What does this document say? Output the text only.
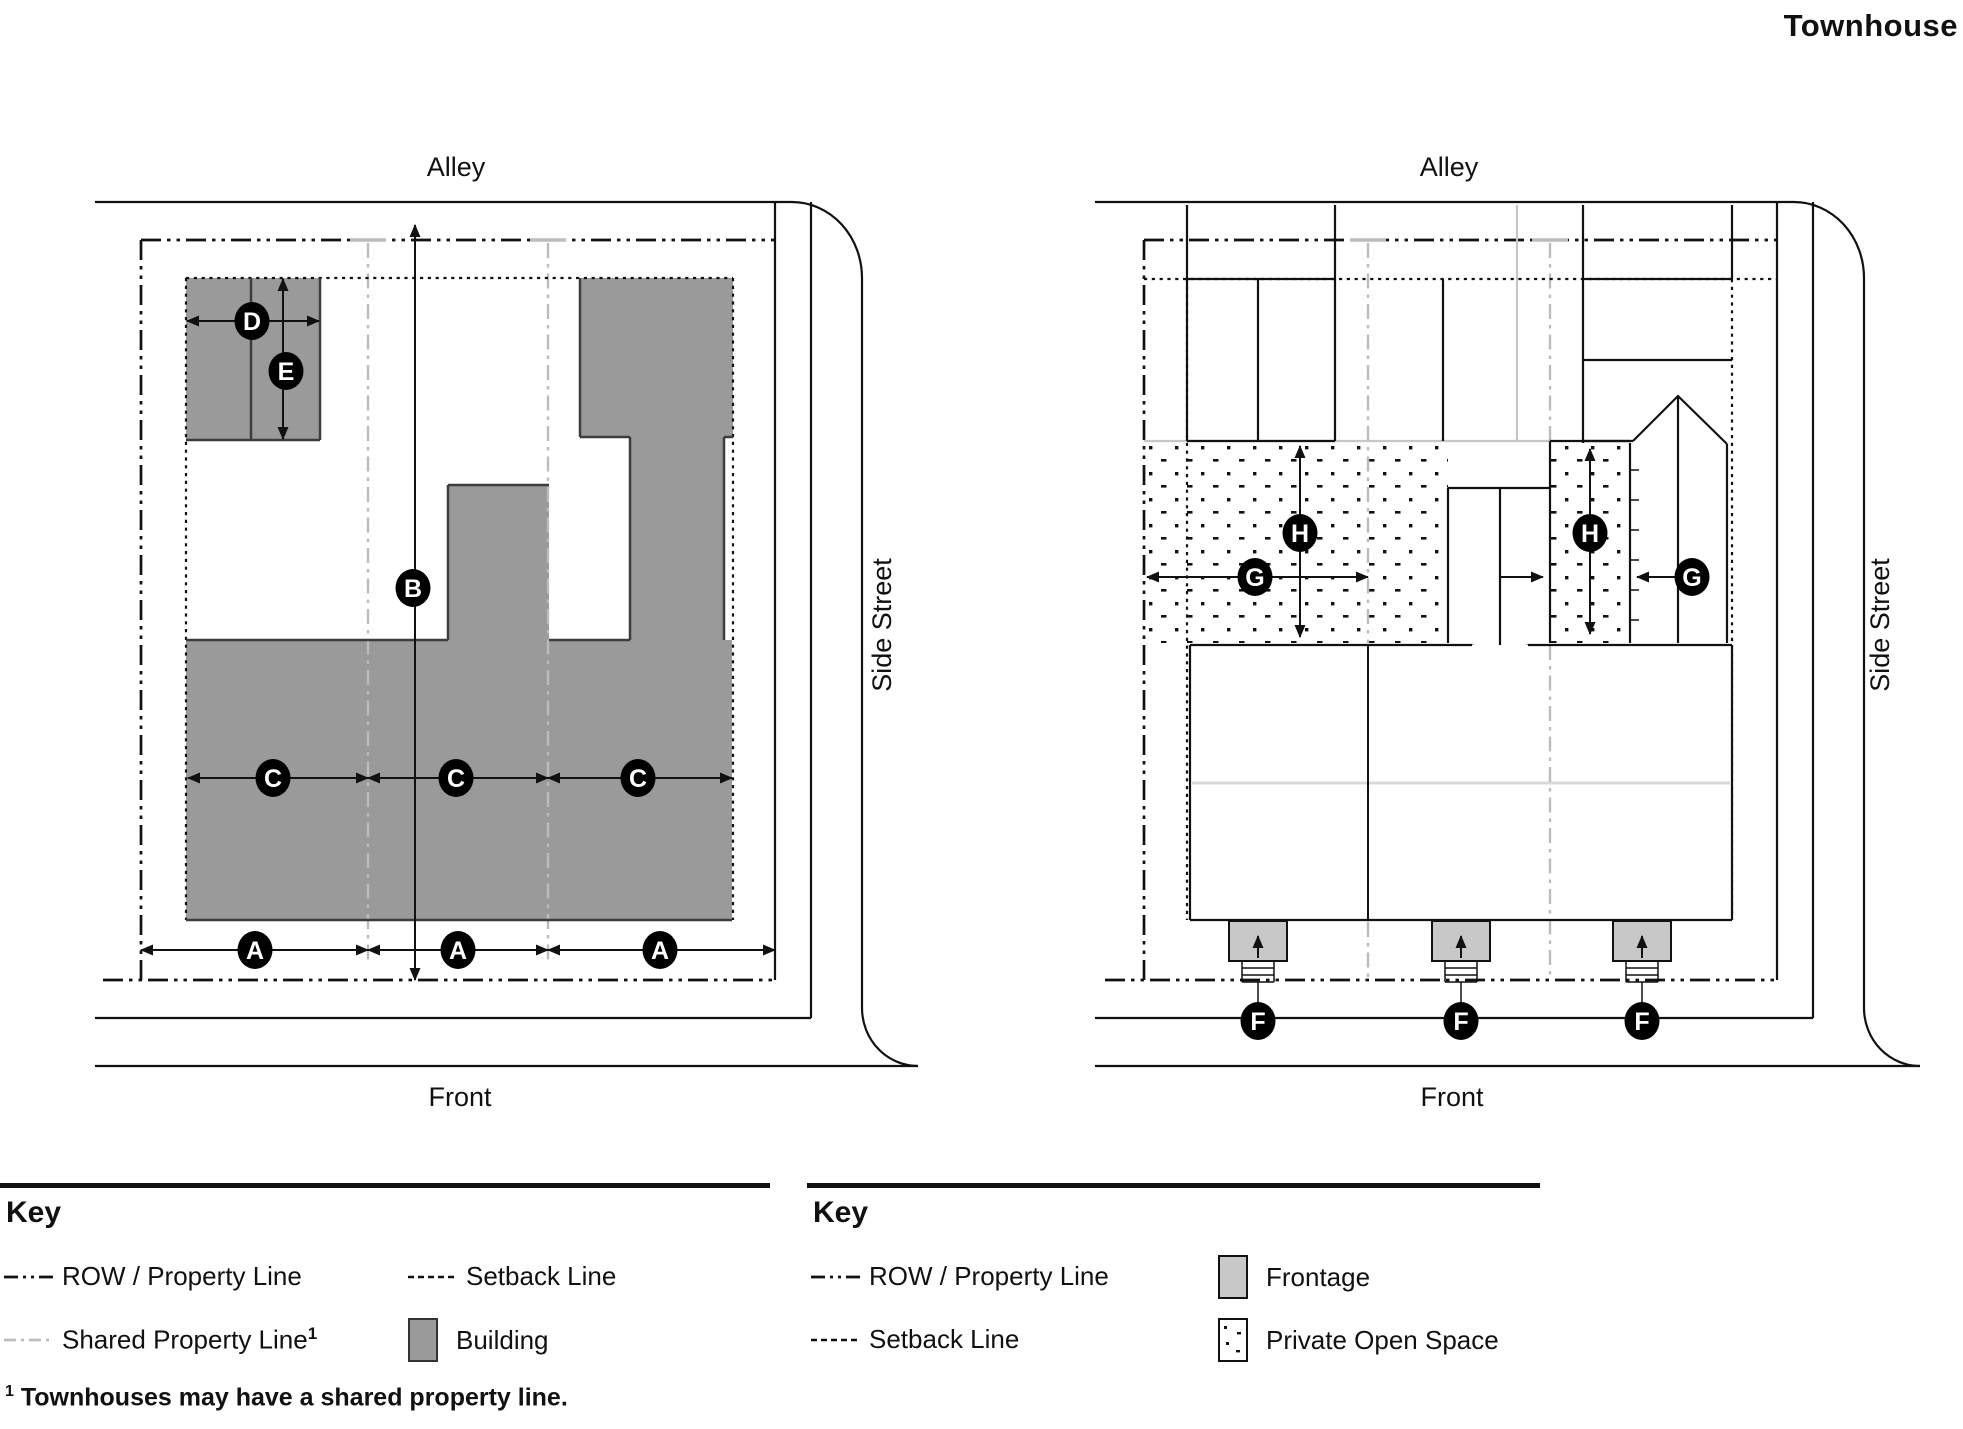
Townhouse
Alley
Side Street
Front
A	A	A
B
C	C	C
D
E
Alley
Side Street
Front
F	F	F
G	G
H	H
Key
ROW / Property Line	Setback Line
Shared Property Line$^1$	Building
$^1$ Townhouses may have a shared property line.
Key
ROW / Property Line	Frontage
Setback Line	Private Open Space
